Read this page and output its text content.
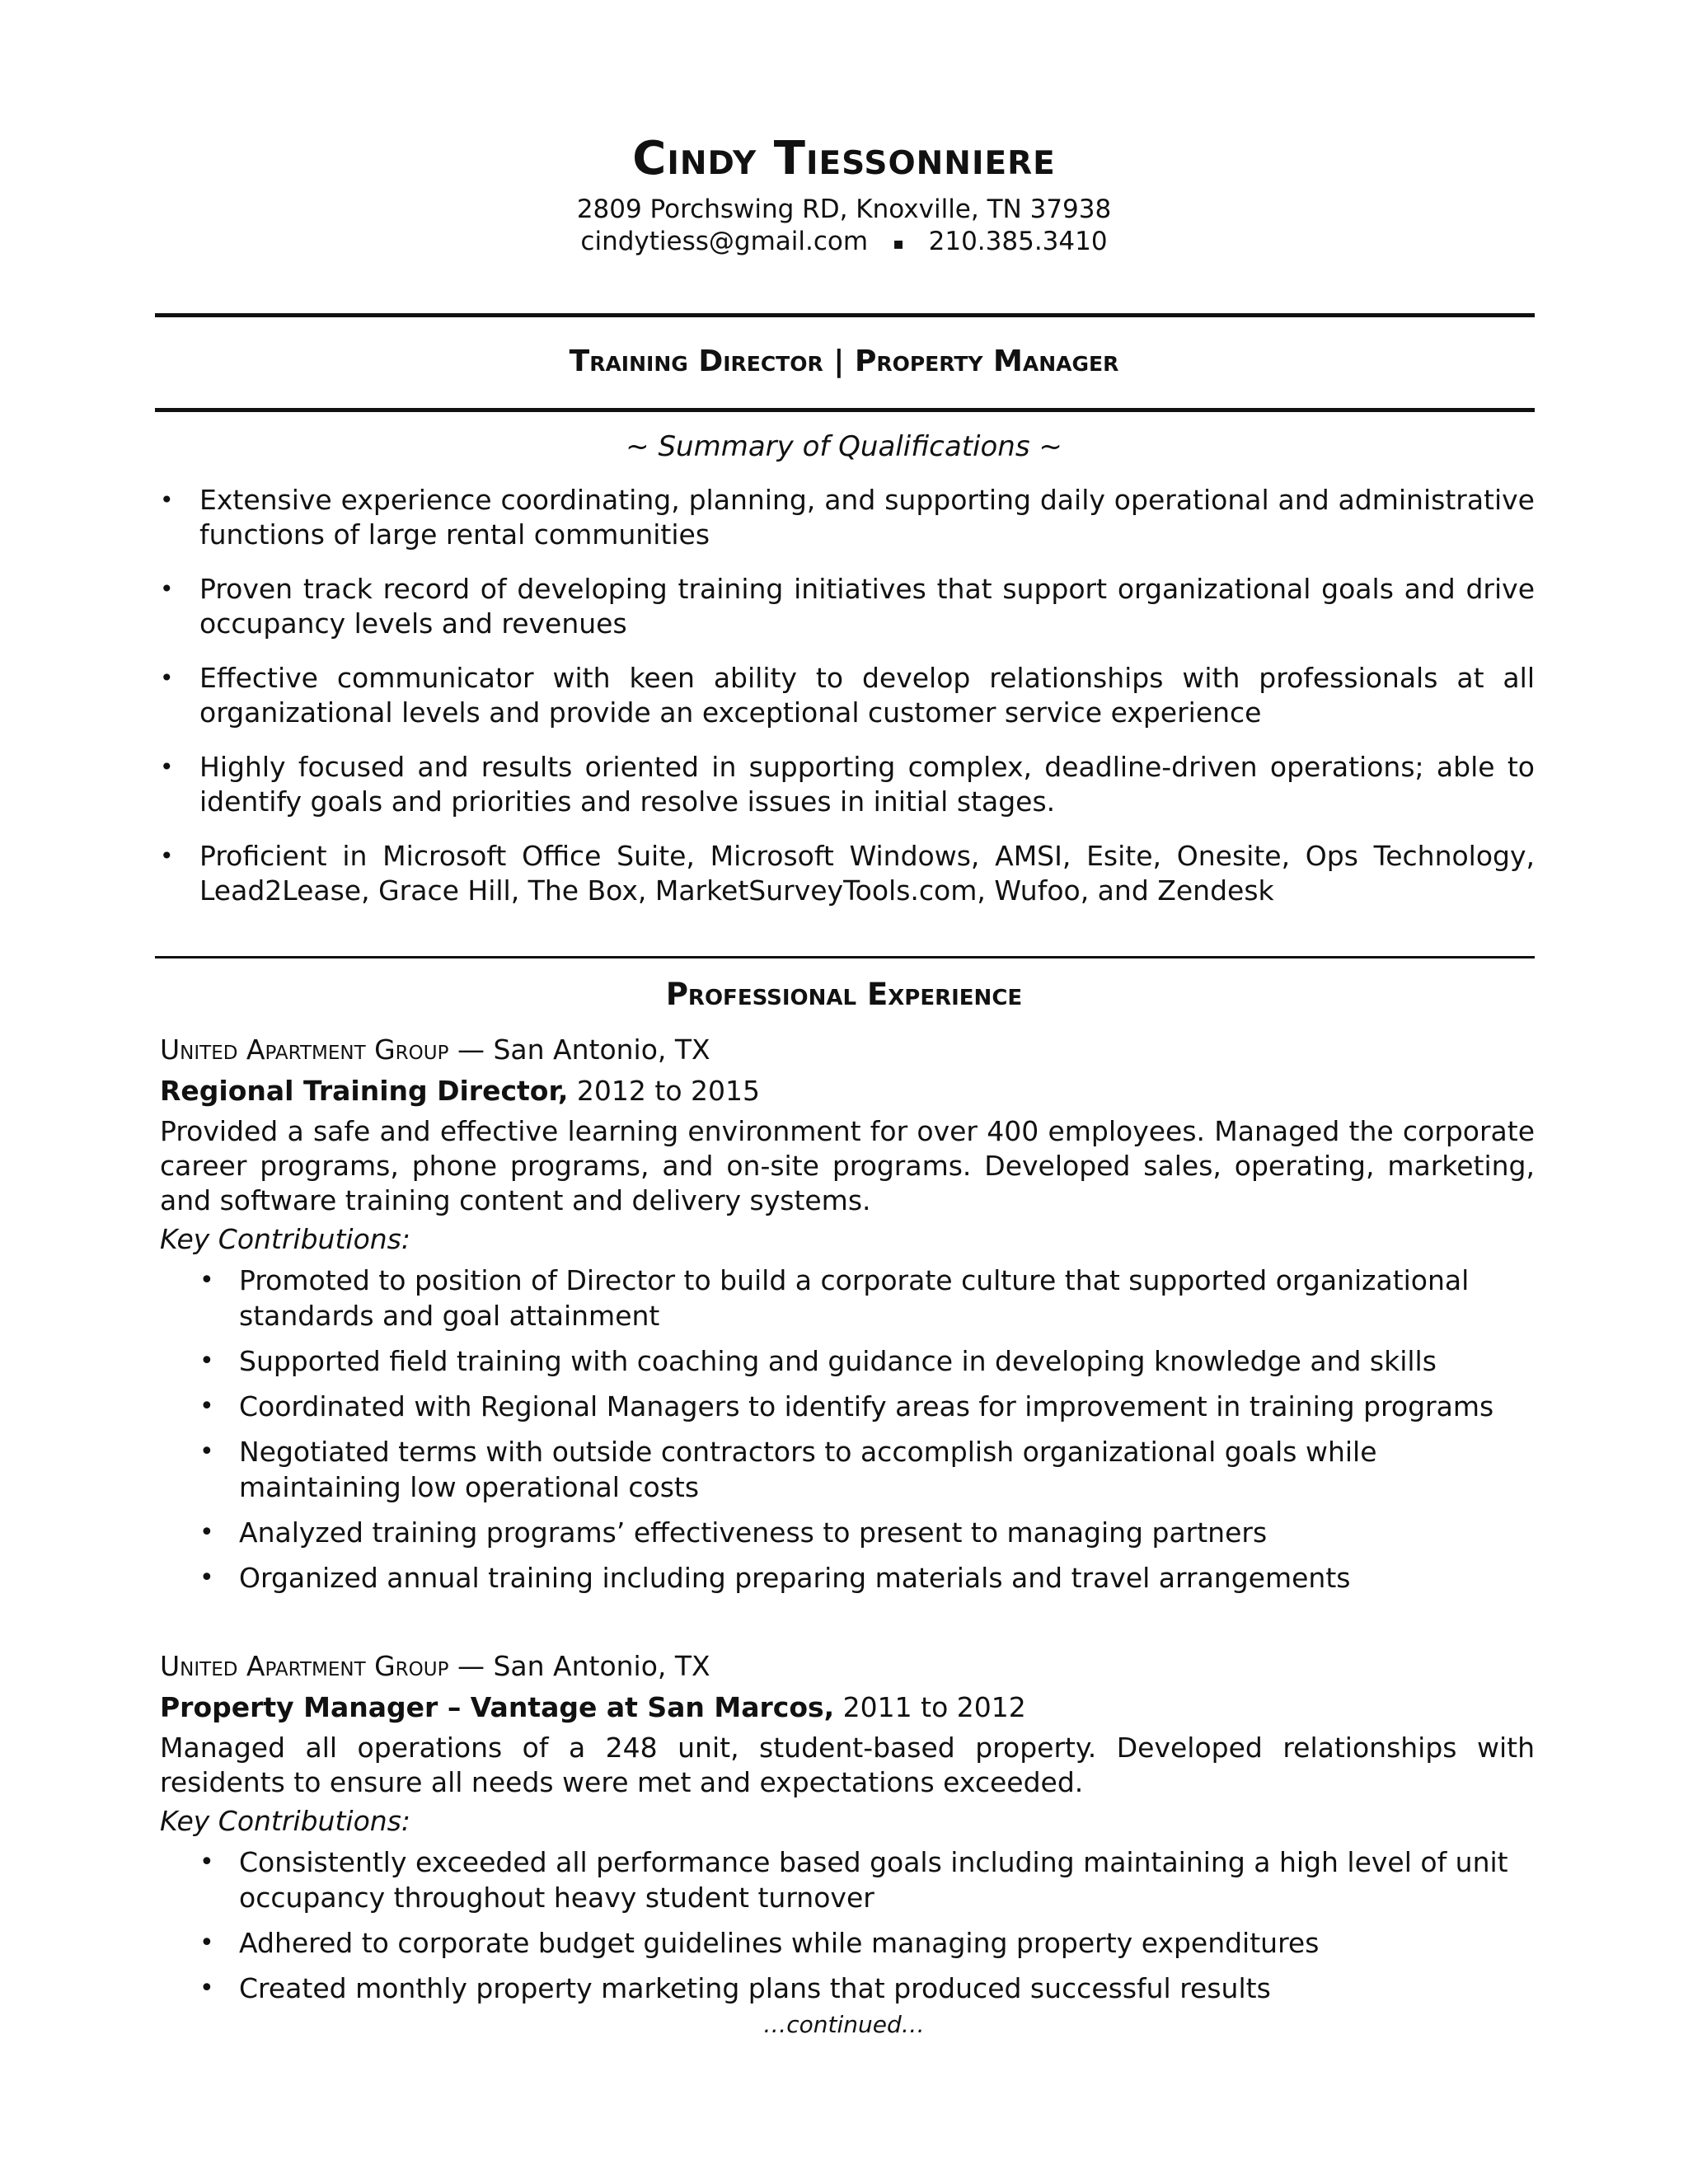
Cindy Tiessonniere
2809 Porchswing RD, Knoxville, TN 37938
cindytiess@gmail.com ▪ 210.385.3410
Training Director | Property Manager
~ Summary of Qualifications ~
• Extensive experience coordinating, planning, and supporting daily operational and administrative functions of large rental communities
• Proven track record of developing training initiatives that support organizational goals and drive occupancy levels and revenues
• Effective communicator with keen ability to develop relationships with professionals at all organizational levels and provide an exceptional customer service experience
• Highly focused and results oriented in supporting complex, deadline-driven operations; able to identify goals and priorities and resolve issues in initial stages.
• Proficient in Microsoft Office Suite, Microsoft Windows, AMSI, Esite, Onesite, Ops Technology, Lead2Lease, Grace Hill, The Box, MarketSurveyTools.com, Wufoo, and Zendesk
Professional Experience
United Apartment Group — San Antonio, TX
Regional Training Director, 2012 to 2015
Provided a safe and effective learning environment for over 400 employees. Managed the corporate career programs, phone programs, and on-site programs. Developed sales, operating, marketing, and software training content and delivery systems.
Key Contributions:
• Promoted to position of Director to build a corporate culture that supported organizational standards and goal attainment
• Supported field training with coaching and guidance in developing knowledge and skills
• Coordinated with Regional Managers to identify areas for improvement in training programs
• Negotiated terms with outside contractors to accomplish organizational goals while maintaining low operational costs
• Analyzed training programs’ effectiveness to present to managing partners
• Organized annual training including preparing materials and travel arrangements
United Apartment Group — San Antonio, TX
Property Manager – Vantage at San Marcos, 2011 to 2012
Managed all operations of a 248 unit, student-based property. Developed relationships with residents to ensure all needs were met and expectations exceeded.
Key Contributions:
• Consistently exceeded all performance based goals including maintaining a high level of unit occupancy throughout heavy student turnover
• Adhered to corporate budget guidelines while managing property expenditures
• Created monthly property marketing plans that produced successful results
…continued…
